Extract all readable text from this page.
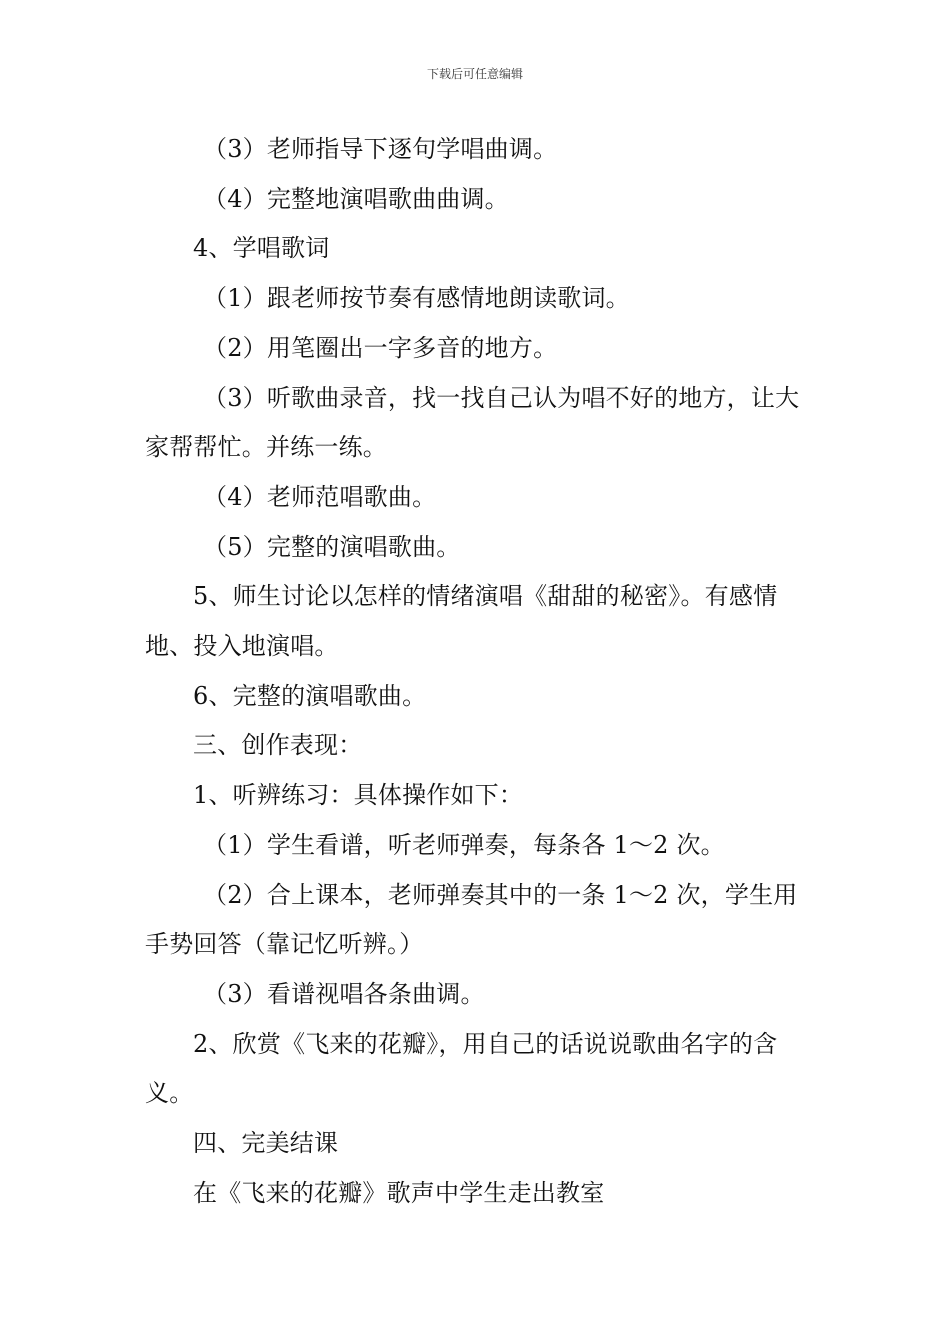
下载后可任意编辑

（3）老师指导下逐句学唱曲调。

（4）完整地演唱歌曲曲调。

4、学唱歌词

（1）跟老师按节奏有感情地朗读歌词。

（2）用笔圈出一字多音的地方。

（3）听歌曲录音，找一找自己认为唱不好的地方，让大家帮帮忙。并练一练。

（4）老师范唱歌曲。

（5）完整的演唱歌曲。

5、师生讨论以怎样的情绪演唱《甜甜的秘密》。有感情地、投入地演唱。

6、完整的演唱歌曲。

三、创作表现：

1、听辨练习：具体操作如下：

（1）学生看谱，听老师弹奏，每条各 1～2 次。

（2）合上课本，老师弹奏其中的一条 1～2 次，学生用手势回答（靠记忆听辨。）

（3）看谱视唱各条曲调。

2、欣赏《飞来的花瓣》，用自己的话说说歌曲名字的含义。

四、完美结课

在《飞来的花瓣》歌声中学生走出教室
